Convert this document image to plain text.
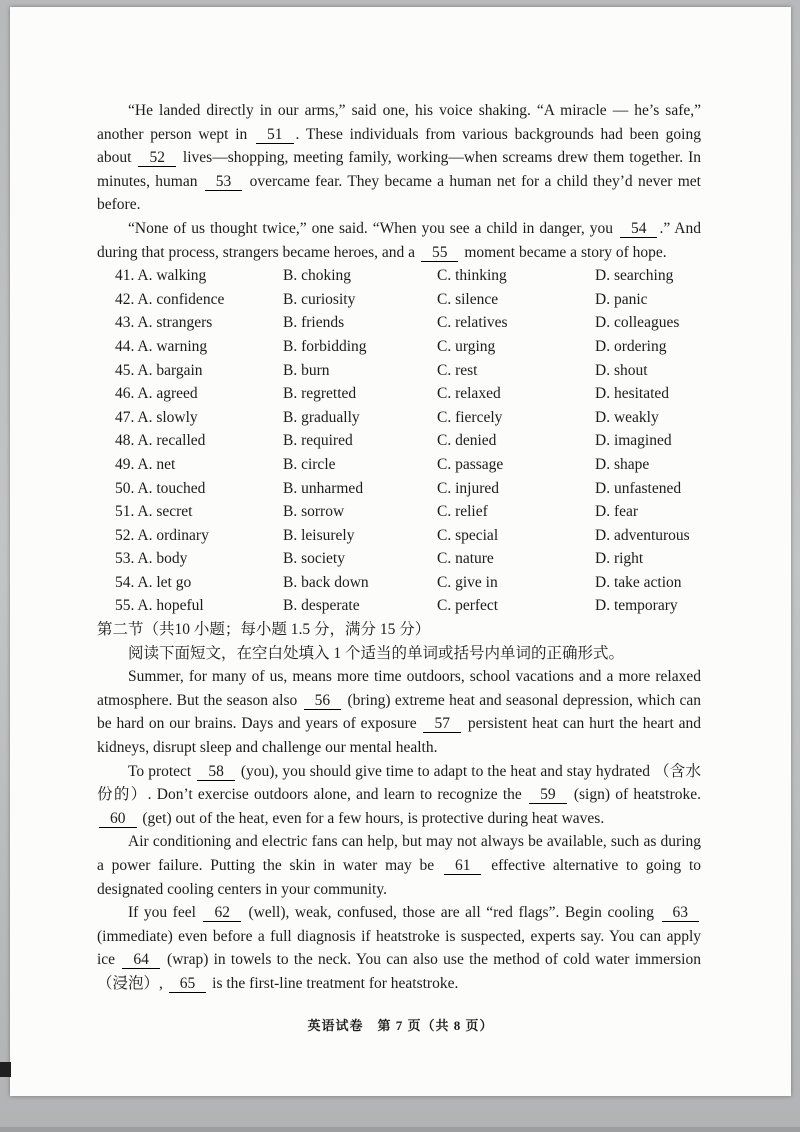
“He landed directly in our arms,” said one, his voice shaking. “A miracle — he’s safe,” another person wept in 51 . These individuals from various backgrounds had been going about 52 lives—shopping, meeting family, working—when screams drew them together. In minutes, human 53 overcame fear. They became a human net for a child they’d never met before.

“None of us thought twice,” one said. “When you see a child in danger, you 54 .” And during that process, strangers became heroes, and a 55 moment became a story of hope.

41. A. walking	B. choking	C. thinking	D. searching
42. A. confidence	B. curiosity	C. silence	D. panic
43. A. strangers	B. friends	C. relatives	D. colleagues
44. A. warning	B. forbidding	C. urging	D. ordering
45. A. bargain	B. burn	C. rest	D. shout
46. A. agreed	B. regretted	C. relaxed	D. hesitated
47. A. slowly	B. gradually	C. fiercely	D. weakly
48. A. recalled	B. required	C. denied	D. imagined
49. A. net	B. circle	C. passage	D. shape
50. A. touched	B. unharmed	C. injured	D. unfastened
51. A. secret	B. sorrow	C. relief	D. fear
52. A. ordinary	B. leisurely	C. special	D. adventurous
53. A. body	B. society	C. nature	D. right
54. A. let go	B. back down	C. give in	D. take action
55. A. hopeful	B. desperate	C. perfect	D. temporary

第二节（共10 小题；每小题 1.5 分，满分 15 分）

阅读下面短文，在空白处填入 1 个适当的单词或括号内单词的正确形式。

Summer, for many of us, means more time outdoors, school vacations and a more relaxed atmosphere. But the season also 56 (bring) extreme heat and seasonal depression, which can be hard on our brains. Days and years of exposure 57 persistent heat can hurt the heart and kidneys, disrupt sleep and challenge our mental health.

To protect 58 (you), you should give time to adapt to the heat and stay hydrated （含水份的）. Don’t exercise outdoors alone, and learn to recognize the 59 (sign) of heatstroke. 60 (get) out of the heat, even for a few hours, is protective during heat waves.

Air conditioning and electric fans can help, but may not always be available, such as during a power failure. Putting the skin in water may be 61 effective alternative to going to designated cooling centers in your community.

If you feel 62 (well), weak, confused, those are all “red flags”. Begin cooling 63 (immediate) even before a full diagnosis if heatstroke is suspected, experts say. You can apply ice 64 (wrap) in towels to the neck. You can also use the method of cold water immersion （浸泡）, 65 is the first-line treatment for heatstroke.

英语试卷　第 7 页（共 8 页）
